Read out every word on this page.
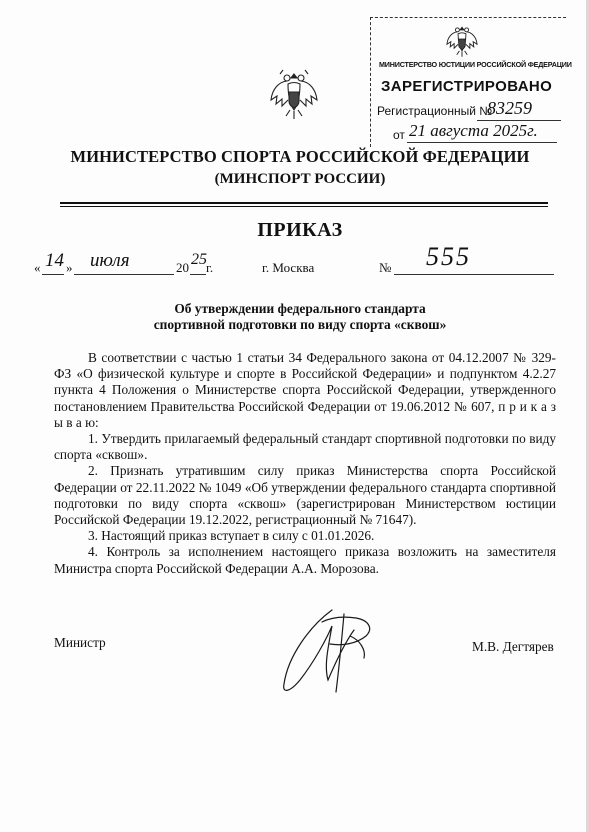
МИНИСТЕРСТВО ЮСТИЦИИ РОССИЙСКОЙ ФЕДЕРАЦИИ
ЗАРЕГИСТРИРОВАНО
Регистрационный №
83259
от 21 августа 2025г.
МИНИСТЕРСТВО СПОРТА РОССИЙСКОЙ ФЕДЕРАЦИИ
(МИНСПОРТ РОССИИ)
ПРИКАЗ
« 14 » июля	20 25 г.	г. Москва	№ 555
Об утверждении федерального стандарта
спортивной подготовки по виду спорта «сквош»

В соответствии с частью 1 статьи 34 Федерального закона от 04.12.2007 № 329-ФЗ «О физической культуре и спорте в Российской Федерации» и подпунктом 4.2.27 пункта 4 Положения о Министерстве спорта Российской Федерации, утвержденного постановлением Правительства Российской Федерации от 19.06.2012 № 607, п р и к а з ы в а ю:

1. Утвердить прилагаемый федеральный стандарт спортивной подготовки по виду спорта «сквош».

2. Признать утратившим силу приказ Министерства спорта Российской Федерации от 22.11.2022 № 1049 «Об утверждении федерального стандарта спортивной подготовки по виду спорта «сквош» (зарегистрирован Министерством юстиции Российской Федерации 19.12.2022, регистрационный № 71647).

3. Настоящий приказ вступает в силу с 01.01.2026.

4. Контроль за исполнением настоящего приказа возложить на заместителя Министра спорта Российской Федерации А.А. Морозова.

Министр	М.В. Дегтярев
